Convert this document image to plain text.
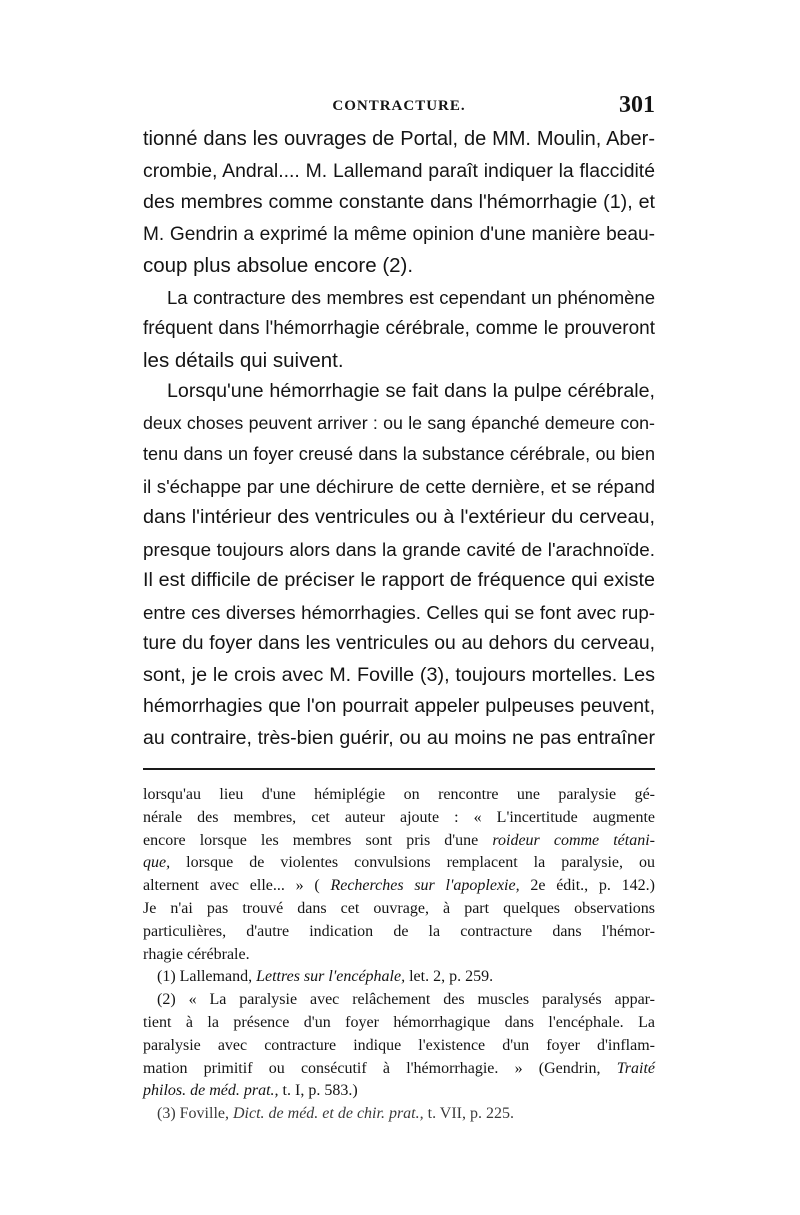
CONTRACTURE.	301
tionné dans les ouvrages de Portal, de MM. Moulin, Aber-
crombie, Andral.... M. Lallemand paraît indiquer la flaccidité
des membres comme constante dans l'hémorrhagie (1), et
M. Gendrin a exprimé la même opinion d'une manière beau-
coup plus absolue encore (2).
La contracture des membres est cependant un phénomène
fréquent dans l'hémorrhagie cérébrale, comme le prouveront
les détails qui suivent.
Lorsqu'une hémorrhagie se fait dans la pulpe cérébrale,
deux choses peuvent arriver : ou le sang épanché demeure con-
tenu dans un foyer creusé dans la substance cérébrale, ou bien
il s'échappe par une déchirure de cette dernière, et se répand
dans l'intérieur des ventricules ou à l'extérieur du cerveau,
presque toujours alors dans la grande cavité de l'arachnoïde.
Il est difficile de préciser le rapport de fréquence qui existe
entre ces diverses hémorrhagies. Celles qui se font avec rup-
ture du foyer dans les ventricules ou au dehors du cerveau,
sont, je le crois avec M. Foville (3), toujours mortelles. Les
hémorrhagies que l'on pourrait appeler pulpeuses peuvent,
au contraire, très-bien guérir, ou au moins ne pas entraîner
lorsqu'au lieu d'une hémiplégie on rencontre une paralysie gé-
nérale des membres, cet auteur ajoute : « L'incertitude augmente
encore lorsque les membres sont pris d'une roideur comme tétani-
que, lorsque de violentes convulsions remplacent la paralysie, ou
alternent avec elle... » ( Recherches sur l'apoplexie, 2e édit., p. 142.)
Je n'ai pas trouvé dans cet ouvrage, à part quelques observations
particulières, d'autre indication de la contracture dans l'hémor-
rhagie cérébrale.
(1) Lallemand, Lettres sur l'encéphale, let. 2, p. 259.
(2) « La paralysie avec relâchement des muscles paralysés appar-
tient à la présence d'un foyer hémorrhagique dans l'encéphale. La
paralysie avec contracture indique l'existence d'un foyer d'inflam-
mation primitif ou consécutif à l'hémorrhagie. » (Gendrin, Traité
philos. de méd. prat., t. I, p. 583.)
(3) Foville, Dict. de méd. et de chir. prat., t. VII, p. 225.
